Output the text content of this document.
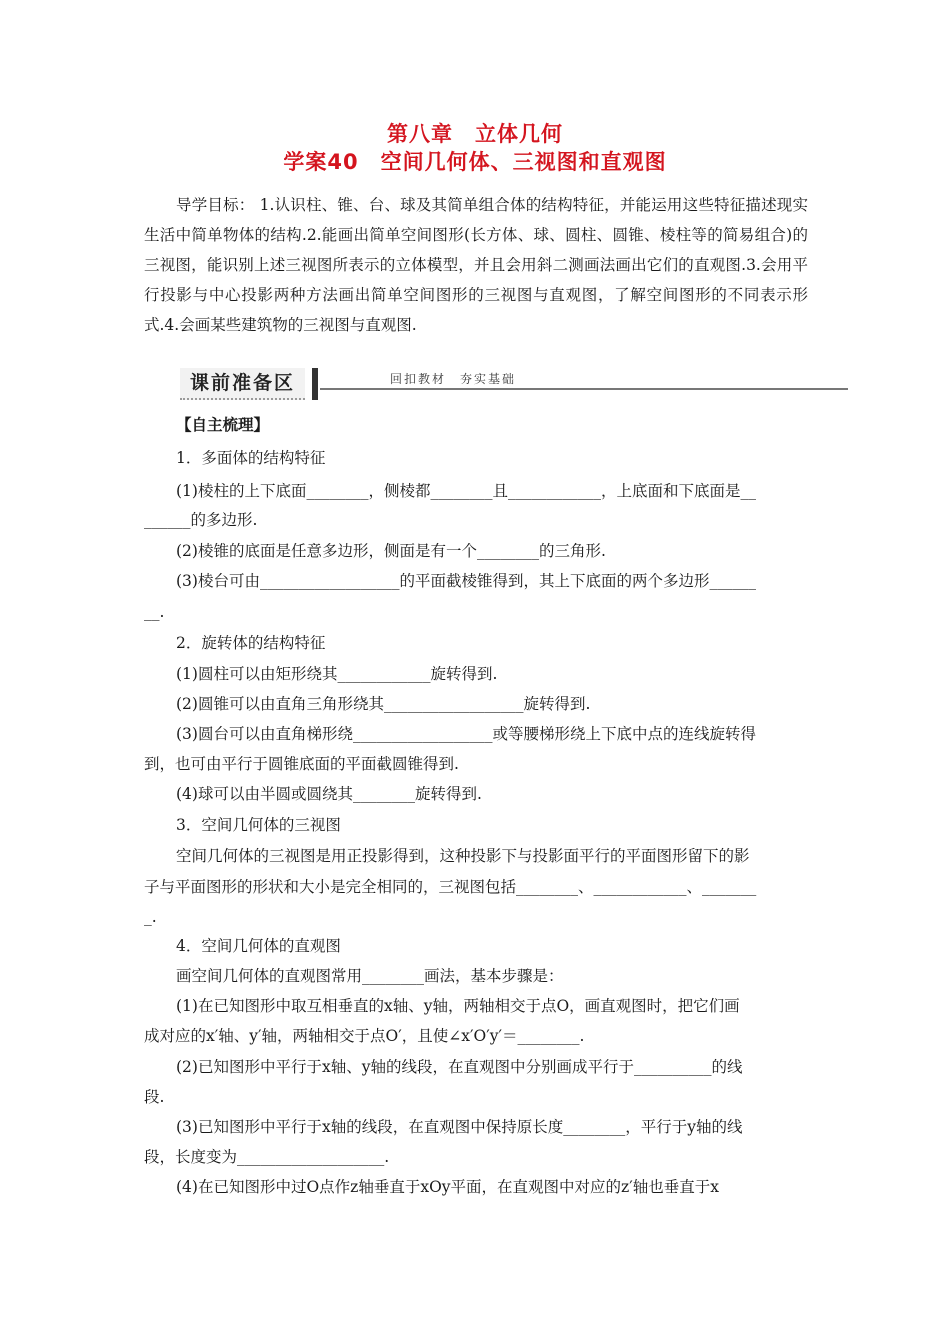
第八章　立体几何
学案40　空间几何体、三视图和直观图
导学目标： 1.认识柱、锥、台、球及其简单组合体的结构特征，并能运用这些特征描述现实生活中简单物体的结构.2.能画出简单空间图形(长方体、球、圆柱、圆锥、棱柱等的简易组合)的三视图，能识别上述三视图所表示的立体模型，并且会用斜二测画法画出它们的直观图.3.会用平行投影与中心投影两种方法画出简单空间图形的三视图与直观图，了解空间图形的不同表示形式.4.会画某些建筑物的三视图与直观图.
课前准备区	回扣教材　夯实基础
【自主梳理】
1．多面体的结构特征
(1)棱柱的上下底面________，侧棱都________且____________，上底面和下底面是__
______的多边形.
(2)棱锥的底面是任意多边形，侧面是有一个________的三角形.
(3)棱台可由__________________的平面截棱锥得到，其上下底面的两个多边形______
__.
2．旋转体的结构特征
(1)圆柱可以由矩形绕其____________旋转得到.
(2)圆锥可以由直角三角形绕其__________________旋转得到.
(3)圆台可以由直角梯形绕__________________或等腰梯形绕上下底中点的连线旋转得
到，也可由平行于圆锥底面的平面截圆锥得到.
(4)球可以由半圆或圆绕其________旋转得到.
3．空间几何体的三视图
空间几何体的三视图是用正投影得到，这种投影下与投影面平行的平面图形留下的影
子与平面图形的形状和大小是完全相同的，三视图包括________、____________、_______
_.
4．空间几何体的直观图
画空间几何体的直观图常用________画法，基本步骤是：
(1)在已知图形中取互相垂直的x轴、y轴，两轴相交于点O，画直观图时，把它们画
成对应的x′轴、y′轴，两轴相交于点O′，且使∠x′O′y′＝________.
(2)已知图形中平行于x轴、y轴的线段，在直观图中分别画成平行于__________的线
段.
(3)已知图形中平行于x轴的线段，在直观图中保持原长度________，平行于y轴的线
段，长度变为___________________.
(4)在已知图形中过O点作z轴垂直于xOy平面，在直观图中对应的z′轴也垂直于x
